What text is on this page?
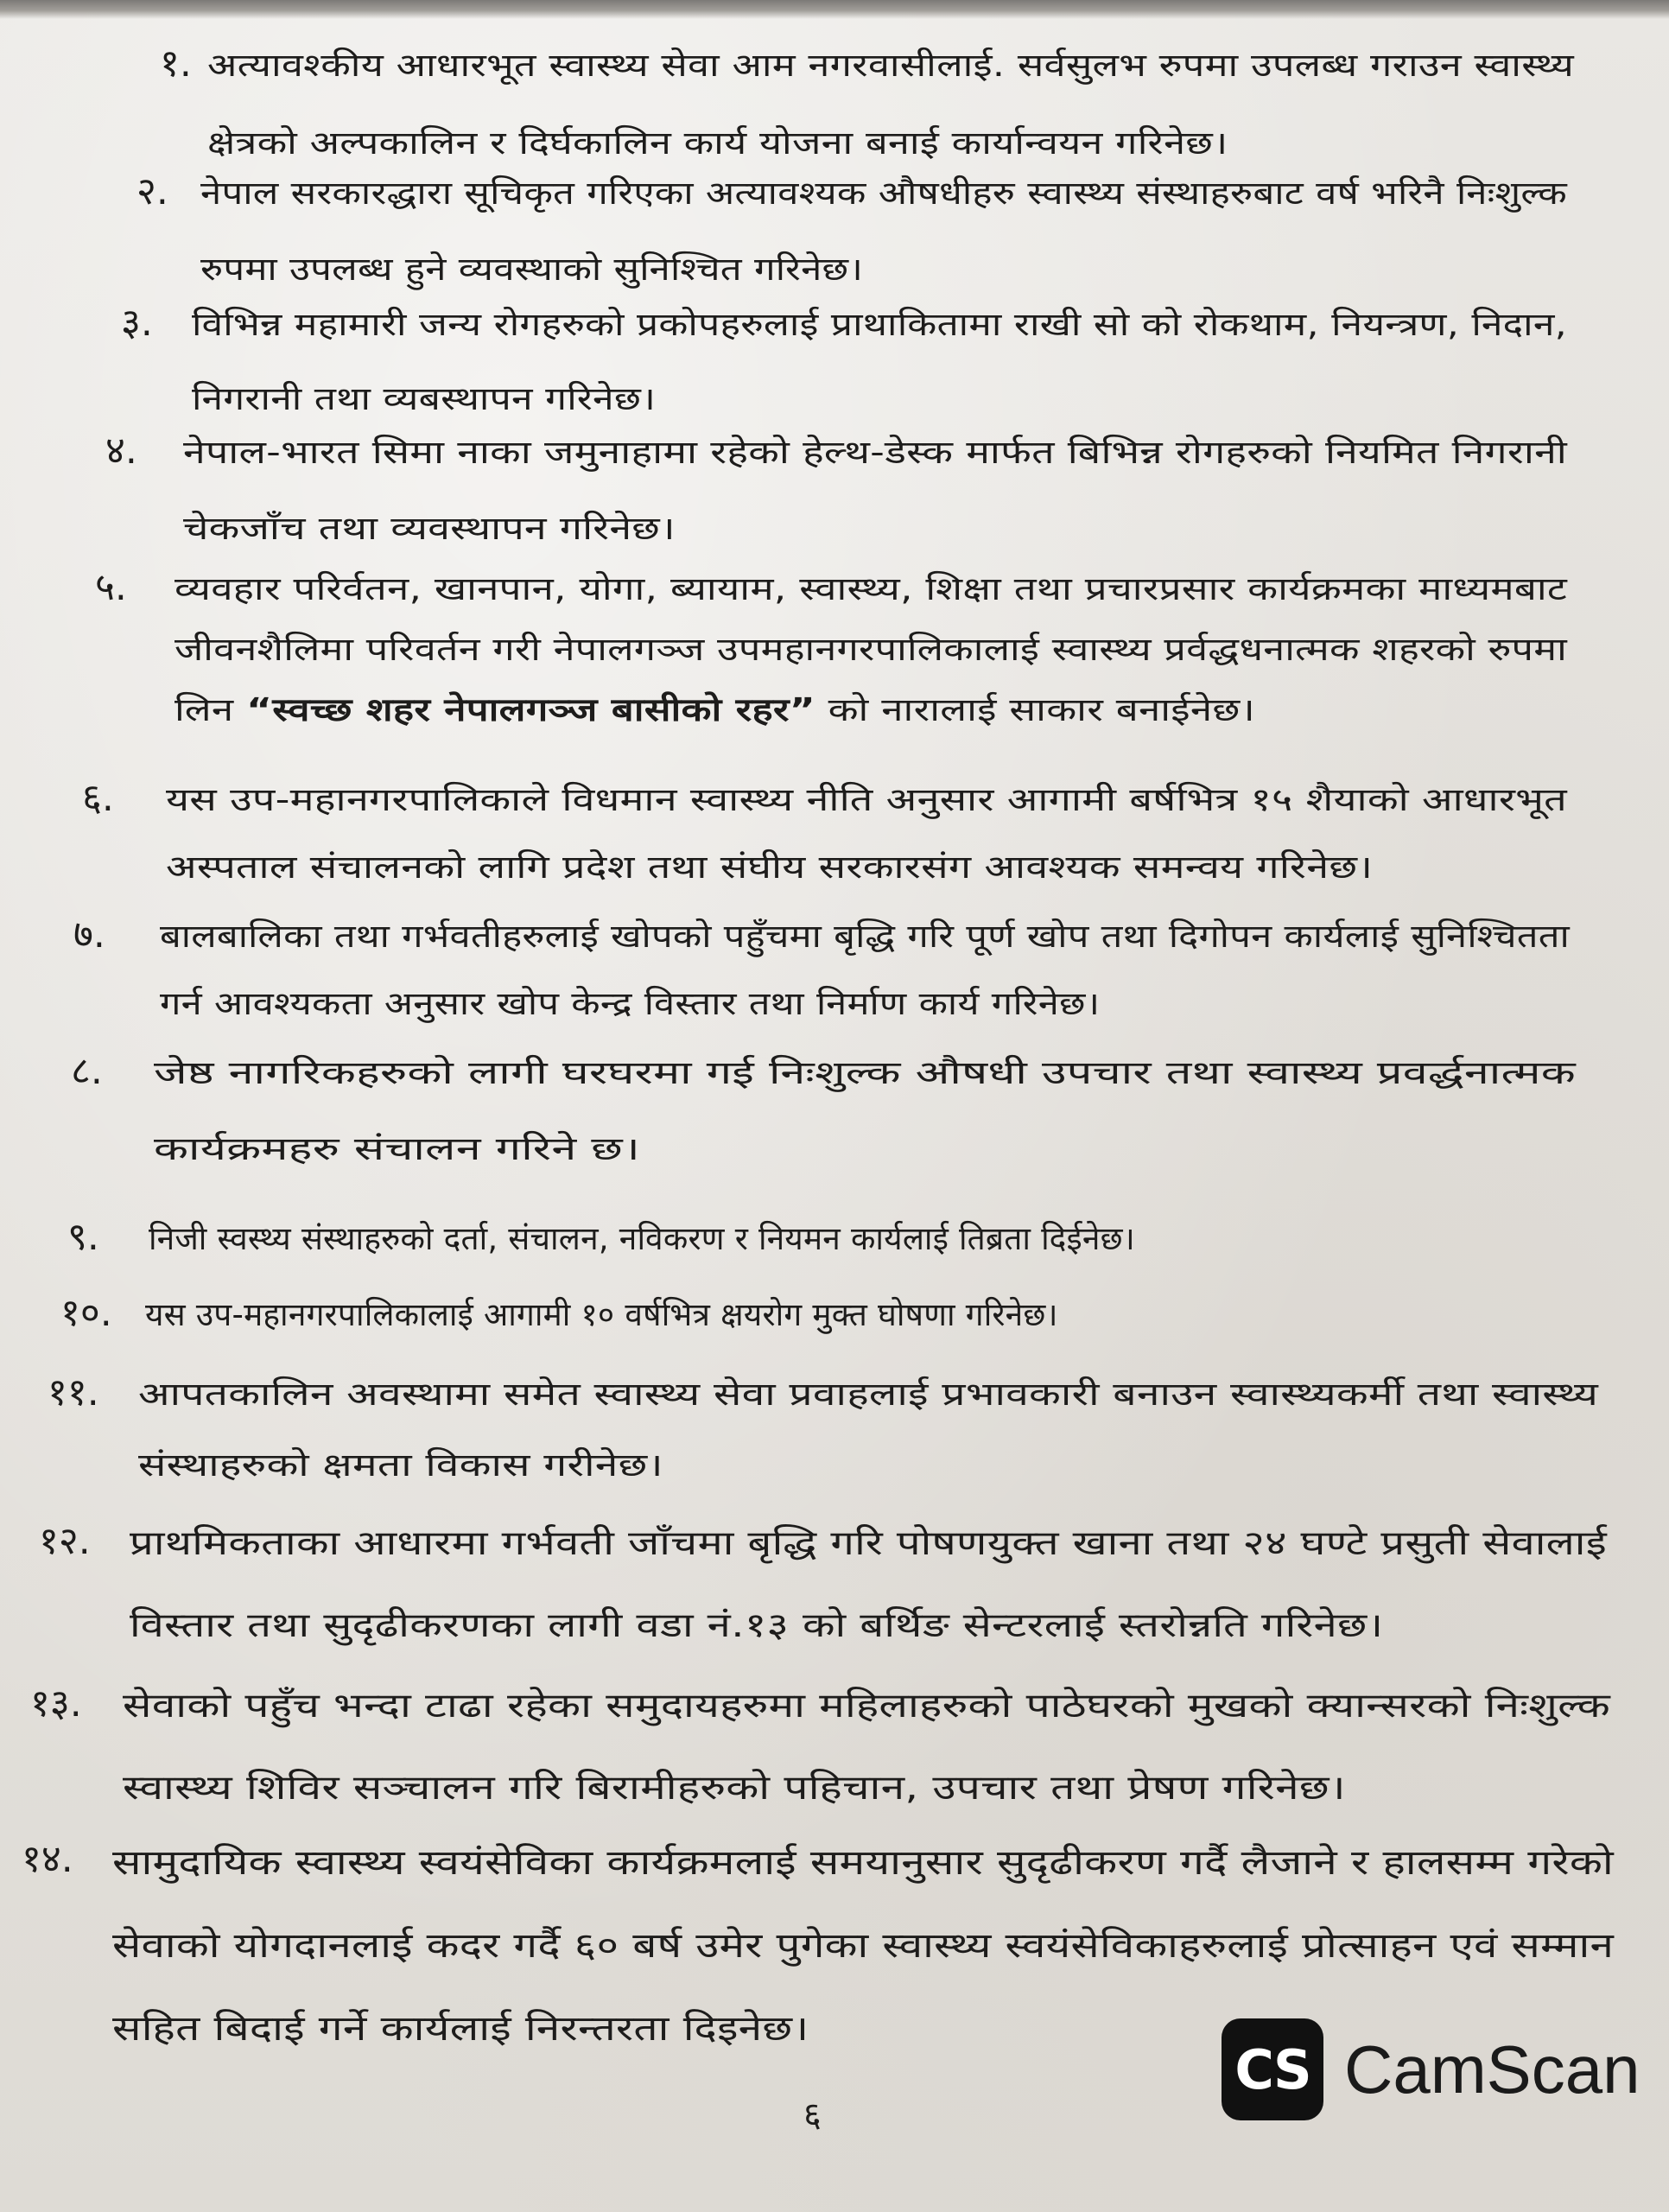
१. अत्यावश्कीय आधारभूत स्वास्थ्य सेवा आम नगरवासीलाई. सर्वसुलभ रुपमा उपलब्ध गराउन स्वास्थ्य
क्षेत्रको अल्पकालिन र दिर्घकालिन कार्य योजना बनाई कार्यान्वयन गरिनेछ।
२. नेपाल सरकारद्धारा सूचिकृत गरिएका अत्यावश्यक औषधीहरु स्वास्थ्य संस्थाहरुबाट वर्ष भरिनै निःशुल्क
रुपमा उपलब्ध हुने व्यवस्थाको सुनिश्चित गरिनेछ।
३. विभिन्न महामारी जन्य रोगहरुको प्रकोपहरुलाई प्राथाकितामा राखी सो को रोकथाम, नियन्त्रण, निदान,
निगरानी तथा व्यबस्थापन गरिनेछ।
४. नेपाल-भारत सिमा नाका जमुनाहामा रहेको हेल्थ-डेस्क मार्फत बिभिन्न रोगहरुको नियमित निगरानी
चेकजाँच तथा व्यवस्थापन गरिनेछ।
५. व्यवहार परिर्वतन, खानपान, योगा, ब्यायाम, स्वास्थ्य, शिक्षा तथा प्रचारप्रसार कार्यक्रमका माध्यमबाट
जीवनशैलिमा परिवर्तन गरी नेपालगञ्ज उपमहानगरपालिकालाई स्वास्थ्य प्रर्वद्धधनात्मक शहरको रुपमा
लिन “स्वच्छ शहर नेपालगञ्ज बासीको रहर” को नारालाई साकार बनाईनेछ।
६. यस उप-महानगरपालिकाले विधमान स्वास्थ्य नीति अनुसार आगामी बर्षभित्र १५ शैयाको आधारभूत
अस्पताल संचालनको लागि प्रदेश तथा संघीय सरकारसंग आवश्यक समन्वय गरिनेछ।
७. बालबालिका तथा गर्भवतीहरुलाई खोपको पहुँचमा बृद्धि गरि पूर्ण खोप तथा दिगोपन कार्यलाई सुनिश्चितता
गर्न आवश्यकता अनुसार खोप केन्द्र विस्तार तथा निर्माण कार्य गरिनेछ।
८. जेष्ठ नागरिकहरुको लागी घरघरमा गई निःशुल्क औषधी उपचार तथा स्वास्थ्य प्रवर्द्धनात्मक
कार्यक्रमहरु संचालन गरिने छ।
९. निजी स्वस्थ्य संस्थाहरुको दर्ता, संचालन, नविकरण र नियमन कार्यलाई तिब्रता दिईनेछ।
१०. यस उप-महानगरपालिकालाई आगामी १० वर्षभित्र क्षयरोग मुक्त घोषणा गरिनेछ।
११. आपतकालिन अवस्थामा समेत स्वास्थ्य सेवा प्रवाहलाई प्रभावकारी बनाउन स्वास्थ्यकर्मी तथा स्वास्थ्य
संस्थाहरुको क्षमता विकास गरीनेछ।
१२. प्राथमिकताका आधारमा गर्भवती जाँचमा बृद्धि गरि पोषणयुक्त खाना तथा २४ घण्टे प्रसुती सेवालाई
विस्तार तथा सुदृढीकरणका लागी वडा नं.१३ को बर्थिङ सेन्टरलाई स्तरोन्नति गरिनेछ।
१३. सेवाको पहुँच भन्दा टाढा रहेका समुदायहरुमा महिलाहरुको पाठेघरको मुखको क्यान्सरको निःशुल्क
स्वास्थ्य शिविर सञ्चालन गरि बिरामीहरुको पहिचान, उपचार तथा प्रेषण गरिनेछ।
१४. सामुदायिक स्वास्थ्य स्वयंसेविका कार्यक्रमलाई समयानुसार सुदृढीकरण गर्दै लैजाने र हालसम्म गरेको
सेवाको योगदानलाई कदर गर्दै ६० बर्ष उमेर पुगेका स्वास्थ्य स्वयंसेविकाहरुलाई प्रोत्साहन एवं सम्मान
सहित बिदाई गर्ने कार्यलाई निरन्तरता दिइनेछ।
६
CS CamScan
